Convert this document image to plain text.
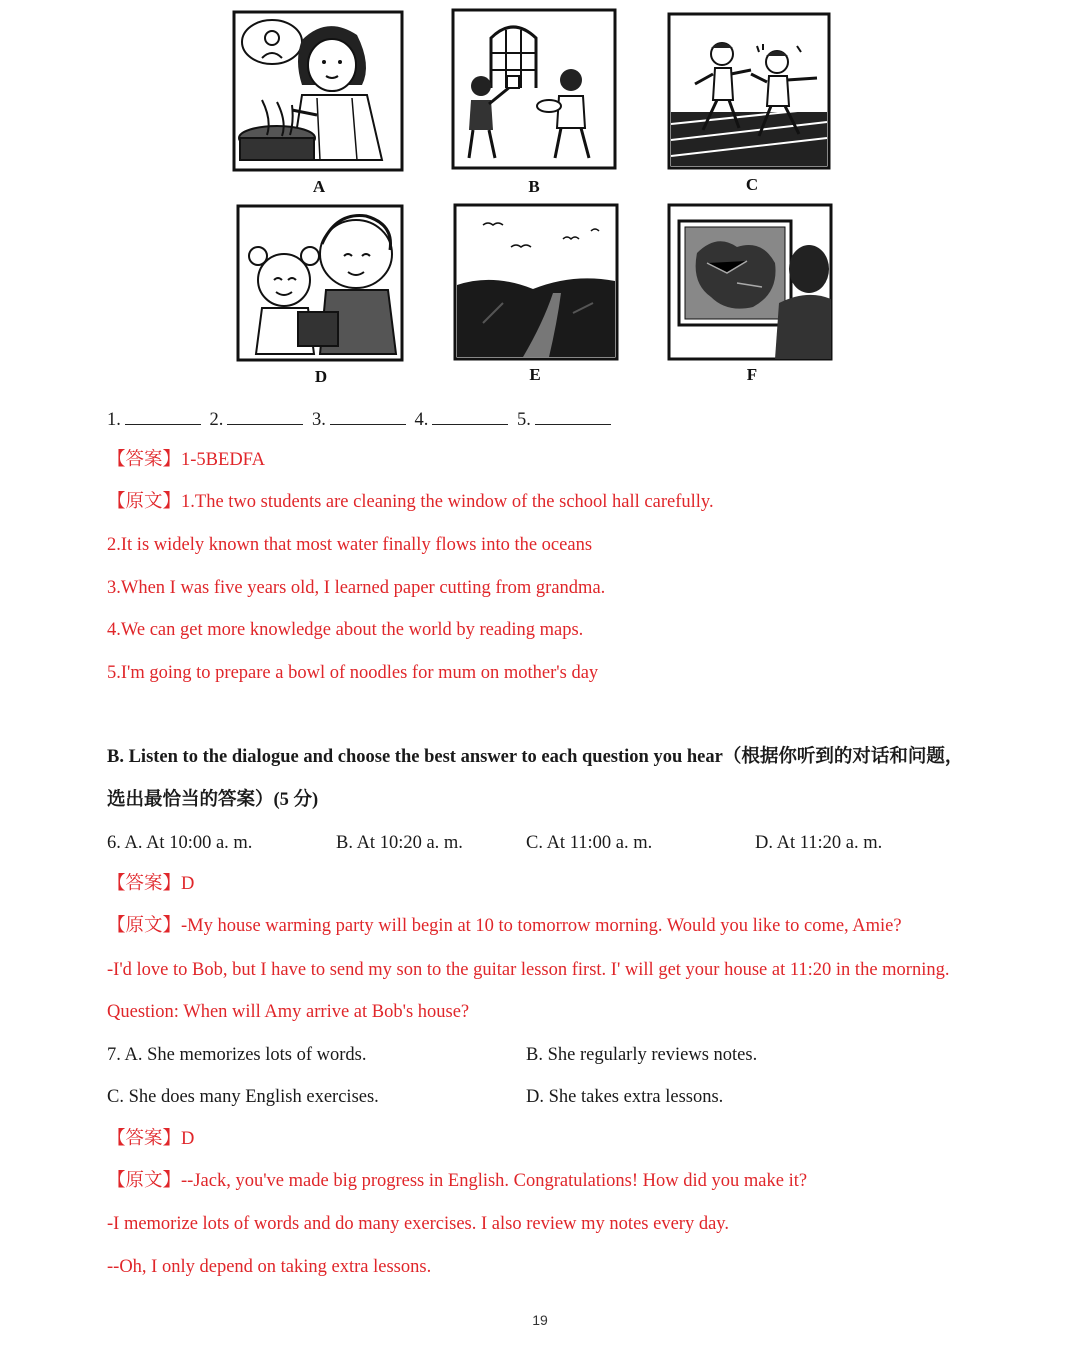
A	B	C
D	E	F
1.	2.	3.	4.	5.
【答案】1-5BEDFA
【原文】1.The two students are cleaning the window of the school hall carefully.
2.It is widely known that most water finally flows into the oceans
3.When I was five years old, I learned paper cutting from grandma.
4.We can get more knowledge about the world by reading maps.
5.I'm going to prepare a bowl of noodles for mum on mother's day
B. Listen to the dialogue and choose the best answer to each question you hear（根据你听到的对话和问题，
选出最恰当的答案）(5 分)
6. A. At 10:00 a. m.	B. At 10:20 a. m.	C. At 11:00 a. m.	D. At 11:20 a. m.
【答案】D
【原文】-My house warming party will begin at 10 to tomorrow morning. Would you like to come, Amie?
-I'd love to Bob, but I have to send my son to the guitar lesson first. I' will get your house at 11:20 in the morning.
Question: When will Amy arrive at Bob's house?
7. A. She memorizes lots of words.	B. She regularly reviews notes.
C. She does many English exercises.	D. She takes extra lessons.
【答案】D
【原文】--Jack, you've made big progress in English. Congratulations! How did you make it?
-I memorize lots of words and do many exercises. I also review my notes every day.
--Oh, I only depend on taking extra lessons.
19
